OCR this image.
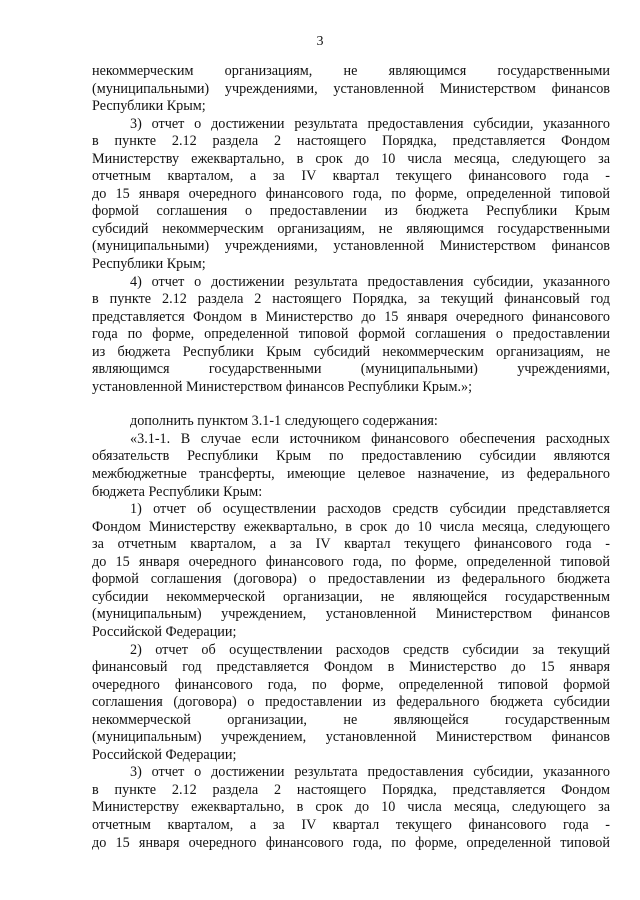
3

некоммерческим организациям, не являющимся государственными

(муниципальными) учреждениями, установленной Министерством финансов

Республики Крым;

3) отчет о достижении результата предоставления субсидии, указанного

в пункте 2.12 раздела 2 настоящего Порядка, представляется Фондом

Министерству ежеквартально, в срок до 10 числа месяца, следующего за

отчетным кварталом, а за IV квартал текущего финансового года -

до 15 января очередного финансового года, по форме, определенной типовой

формой соглашения о предоставлении из бюджета Республики Крым

субсидий некоммерческим организациям, не являющимся государственными

(муниципальными) учреждениями, установленной Министерством финансов

Республики Крым;

4) отчет о достижении результата предоставления субсидии, указанного

в пункте 2.12 раздела 2 настоящего Порядка, за текущий финансовый год

представляется Фондом в Министерство до 15 января очередного финансового

года по форме, определенной типовой формой соглашения о предоставлении

из бюджета Республики Крым субсидий некоммерческим организациям, не

являющимся государственными (муниципальными) учреждениями,

установленной Министерством финансов Республики Крым.»;

дополнить пунктом 3.1-1 следующего содержания:

«3.1-1. В случае если источником финансового обеспечения расходных

обязательств Республики Крым по предоставлению субсидии являются

межбюджетные трансферты, имеющие целевое назначение, из федерального

бюджета Республики Крым:

1) отчет об осуществлении расходов средств субсидии представляется

Фондом Министерству ежеквартально, в срок до 10 числа месяца, следующего

за отчетным кварталом, а за IV квартал текущего финансового года -

до 15 января очередного финансового года, по форме, определенной типовой

формой соглашения (договора) о предоставлении из федерального бюджета

субсидии некоммерческой организации, не являющейся государственным

(муниципальным) учреждением, установленной Министерством финансов

Российской Федерации;

2) отчет об осуществлении расходов средств субсидии за текущий

финансовый год представляется Фондом в Министерство до 15 января

очередного финансового года, по форме, определенной типовой формой

соглашения (договора) о предоставлении из федерального бюджета субсидии

некоммерческой организации, не являющейся государственным

(муниципальным) учреждением, установленной Министерством финансов

Российской Федерации;

3) отчет о достижении результата предоставления субсидии, указанного

в пункте 2.12 раздела 2 настоящего Порядка, представляется Фондом

Министерству ежеквартально, в срок до 10 числа месяца, следующего за

отчетным кварталом, а за IV квартал текущего финансового года -

до 15 января очередного финансового года, по форме, определенной типовой
